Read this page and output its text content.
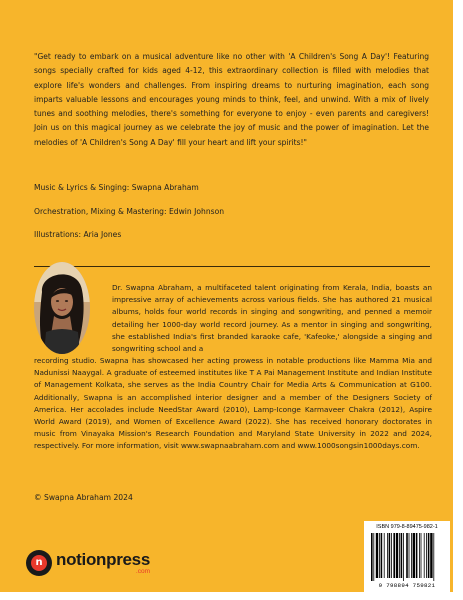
"Get ready to embark on a musical adventure like no other with 'A Children's Song A Day'! Featuring songs specially crafted for kids aged 4-12, this extraordinary collection is filled with melodies that explore life's wonders and challenges. From inspiring dreams to nurturing imagination, each song imparts valuable lessons and encourages young minds to think, feel, and unwind. With a mix of lively tunes and soothing melodies, there's something for everyone to enjoy - even parents and caregivers! Join us on this magical journey as we celebrate the joy of music and the power of imagination. Let the melodies of 'A Children's Song A Day' fill your heart and lift your spirits!"
Music & Lyrics & Singing: Swapna Abraham
Orchestration, Mixing & Mastering: Edwin Johnson
Illustrations: Aria Jones
Dr. Swapna Abraham, a multifaceted talent originating from Kerala, India, boasts an impressive array of achievements across various fields. She has authored 21 musical albums, holds four world records in singing and songwriting, and penned a memoir detailing her 1000-day world record journey. As a mentor in singing and songwriting, she established India's first branded karaoke cafe, 'Kafeoke,' alongside a singing and songwriting school and a
recording studio. Swapna has showcased her acting prowess in notable productions like Mamma Mia and Nadunissi Naaygal. A graduate of esteemed institutes like T A Pai Management Institute and Indian Institute of Management Kolkata, she serves as the India Country Chair for Media Arts & Communication at G100. Additionally, Swapna is an accomplished interior designer and a member of the Designers Society of America. Her accolades include NeedStar Award (2010), Lamp-Iconge Karmaveer Chakra (2012), Aspire World Award (2019), and Women of Excellence Award (2022). She has received honorary doctorates in music from Vinayaka Mission's Research Foundation and Maryland State University in 2022 and 2024, respectively. For more information, visit www.swapnaabraham.com and www.1000songsin1000days.com.
© Swapna Abraham 2024
n notionpress
.com
ISBN 979-8-89475-982-1
9 798894 759821
